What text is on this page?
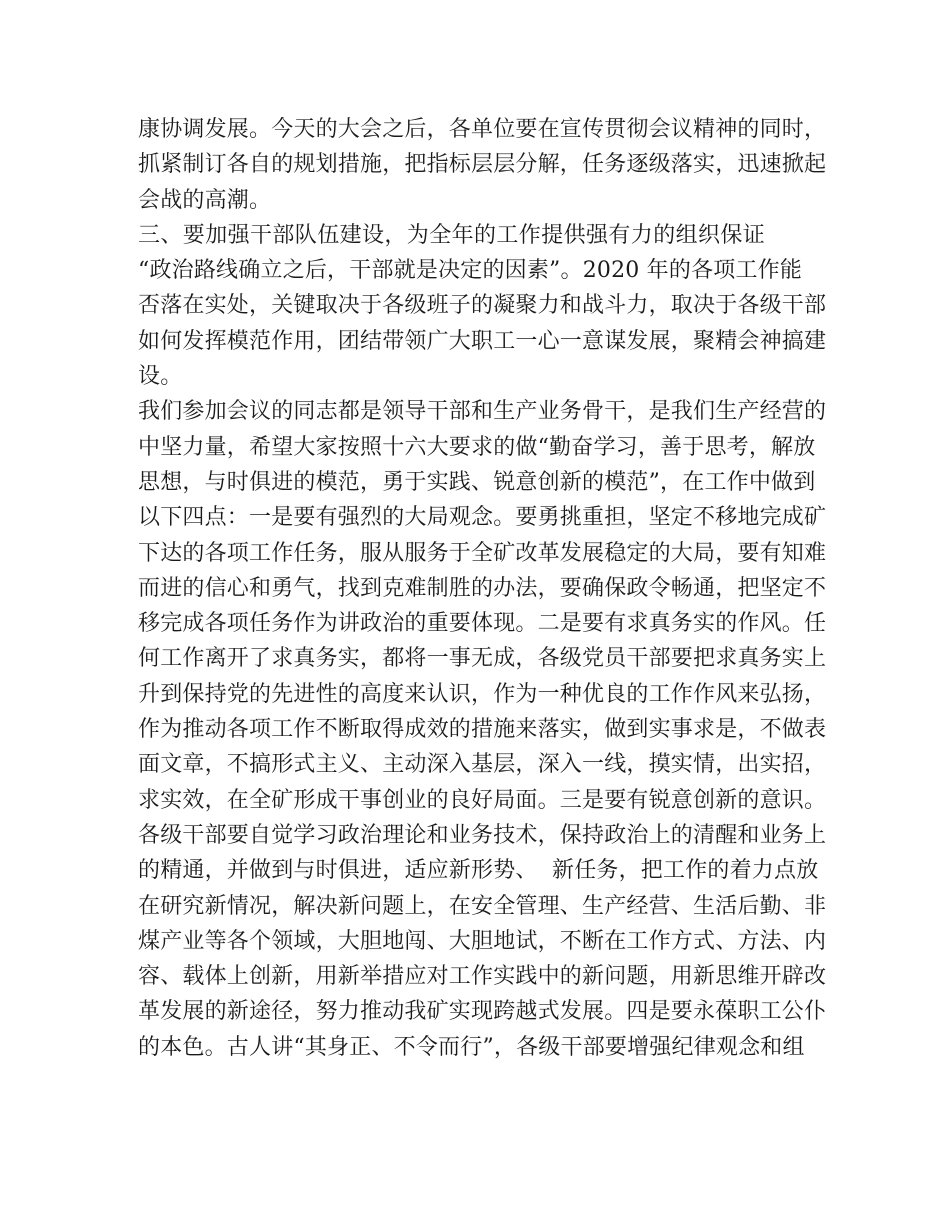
康协调发展。今天的大会之后，各单位要在宣传贯彻会议精神的同时，
抓紧制订各自的规划措施，把指标层层分解，任务逐级落实，迅速掀起
会战的高潮。
三、要加强干部队伍建设，为全年的工作提供强有力的组织保证
“政治路线确立之后，干部就是决定的因素”。2020 年的各项工作能
否落在实处，关键取决于各级班子的凝聚力和战斗力，取决于各级干部
如何发挥模范作用，团结带领广大职工一心一意谋发展，聚精会神搞建
设。
我们参加会议的同志都是领导干部和生产业务骨干，是我们生产经营的
中坚力量，希望大家按照十六大要求的做“勤奋学习，善于思考，解放
思想，与时俱进的模范，勇于实践、锐意创新的模范”，在工作中做到
以下四点：一是要有强烈的大局观念。要勇挑重担，坚定不移地完成矿
下达的各项工作任务，服从服务于全矿改革发展稳定的大局，要有知难
而进的信心和勇气，找到克难制胜的办法，要确保政令畅通，把坚定不
移完成各项任务作为讲政治的重要体现。二是要有求真务实的作风。任
何工作离开了求真务实，都将一事无成，各级党员干部要把求真务实上
升到保持党的先进性的高度来认识，作为一种优良的工作作风来弘扬，
作为推动各项工作不断取得成效的措施来落实，做到实事求是，不做表
面文章，不搞形式主义、主动深入基层，深入一线，摸实情，出实招，
求实效，在全矿形成干事创业的良好局面。三是要有锐意创新的意识。
各级干部要自觉学习政治理论和业务技术，保持政治上的清醒和业务上
的精通，并做到与时俱进，适应新形势、  新任务，把工作的着力点放
在研究新情况，解决新问题上，在安全管理、生产经营、生活后勤、非
煤产业等各个领域，大胆地闯、大胆地试，不断在工作方式、方法、内
容、载体上创新，用新举措应对工作实践中的新问题，用新思维开辟改
革发展的新途径，努力推动我矿实现跨越式发展。四是要永葆职工公仆
的本色。古人讲“其身正、不令而行”，各级干部要增强纪律观念和组
